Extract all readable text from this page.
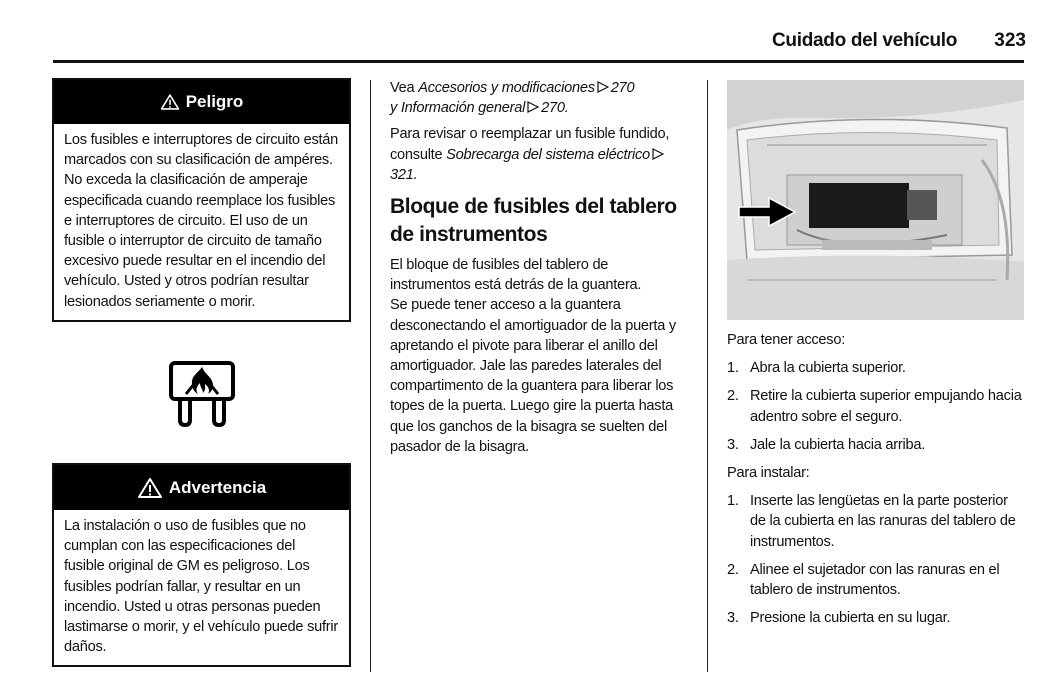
Cuidado del vehículo 323
Peligro
Los fusibles e interruptores de circuito están marcados con su clasificación de ampéres. No exceda la clasificación de amperaje especificada cuando reemplace los fusibles e interruptores de circuito. El uso de un fusible o interruptor de circuito de tamaño excesivo puede resultar en el incendio del vehículo. Usted y otros podrían resultar lesionados seriamente o morir.
Advertencia
La instalación o uso de fusibles que no cumplan con las especificaciones del fusible original de GM es peligroso. Los fusibles podrían fallar, y resultar en un incendio. Usted u otras personas pueden lastimarse o morir, y el vehículo puede sufrir daños.

Vea Accesorios y modificaciones 270
y Información general 270.

Para revisar o reemplazar un fusible fundido, consulte Sobrecarga del sistema eléctrico321.

Bloque de fusibles del tablero de instrumentos

El bloque de fusibles del tablero de instrumentos está detrás de la guantera.

Se puede tener acceso a la guantera desconectando el amortiguador de la puerta y apretando el pivote para liberar el anillo del amortiguador. Jale las paredes laterales del compartimento de la guantera para liberar los topes de la puerta. Luego gire la puerta hasta que los ganchos de la bisagra se suelten del pasador de la bisagra.

Para tener acceso:

1. Abra la cubierta superior.
2. Retire la cubierta superior empujando hacia adentro sobre el seguro.
3. Jale la cubierta hacia arriba.

Para instalar:

1. Inserte las lengüetas en la parte posterior de la cubierta en las ranuras del tablero de instrumentos.
2. Alinee el sujetador con las ranuras en el tablero de instrumentos.
3. Presione la cubierta en su lugar.
